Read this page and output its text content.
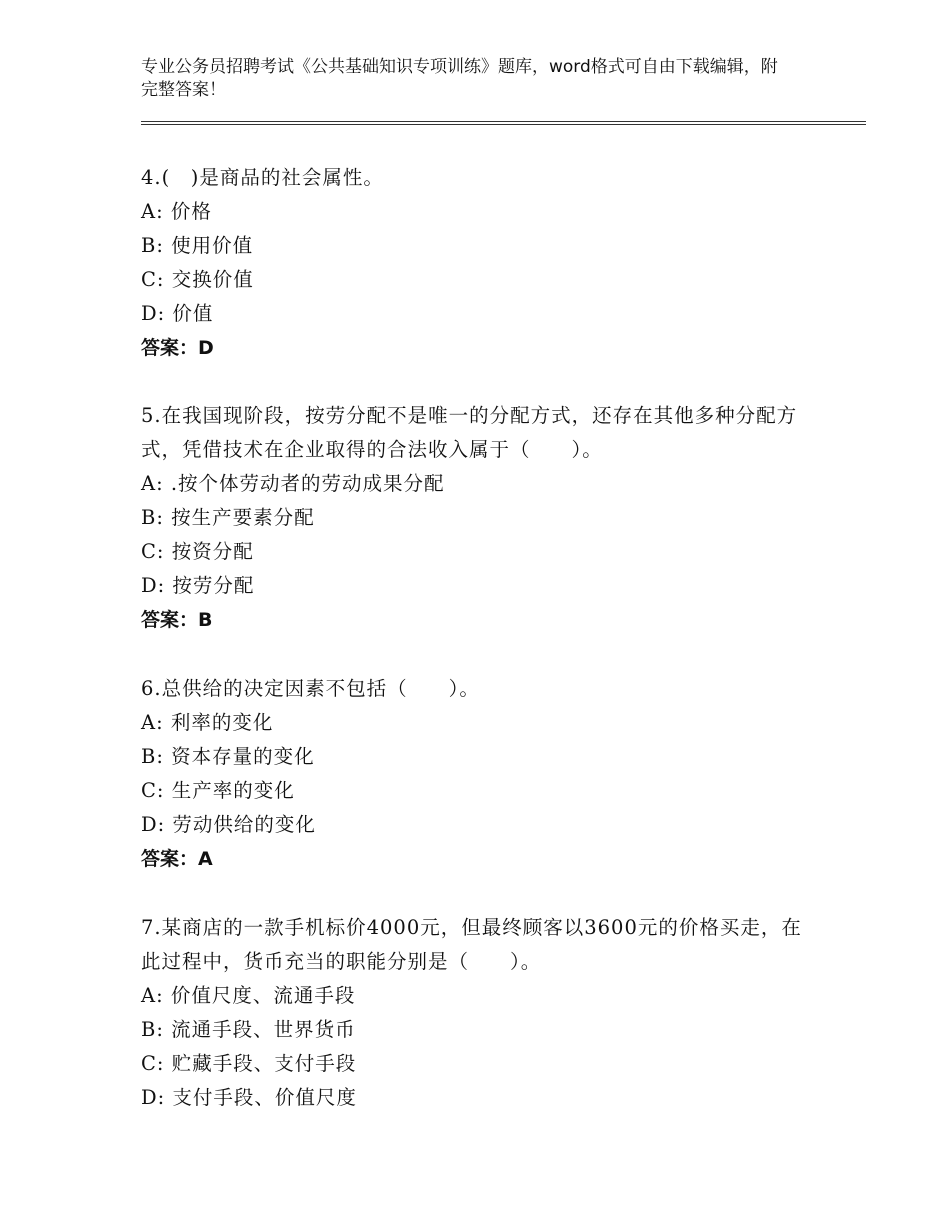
专业公务员招聘考试《公共基础知识专项训练》题库，word格式可自由下载编辑，附完整答案！

4.(　)是商品的社会属性。

A: 价格

B: 使用价值

C: 交换价值

D: 价值

答案：D

5.在我国现阶段，按劳分配不是唯一的分配方式，还存在其他多种分配方式，凭借技术在企业取得的合法收入属于（　　）。

A: .按个体劳动者的劳动成果分配

B: 按生产要素分配

C: 按资分配

D: 按劳分配

答案：B

6.总供给的决定因素不包括（　　）。

A: 利率的变化

B: 资本存量的变化

C: 生产率的变化

D: 劳动供给的变化

答案：A

7.某商店的一款手机标价4000元，但最终顾客以3600元的价格买走，在此过程中，货币充当的职能分别是（　　）。

A: 价值尺度、流通手段

B: 流通手段、世界货币

C: 贮藏手段、支付手段

D: 支付手段、价值尺度
